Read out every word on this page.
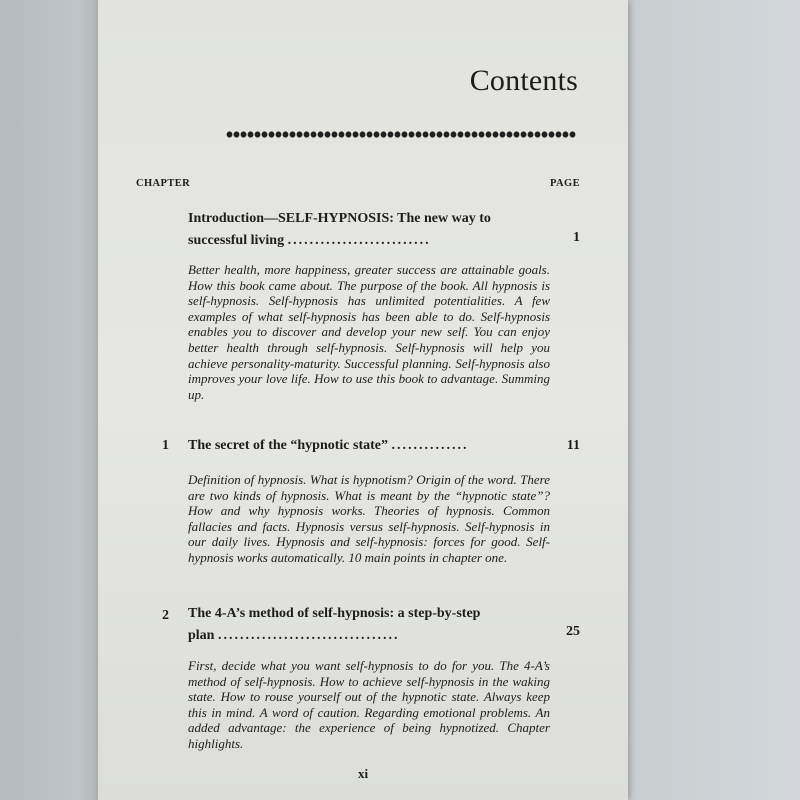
Contents
CHAPTER	PAGE
Introduction—SELF-HYPNOSIS: The new way to
successful living ..........................	1
Better health, more happiness, greater success are attainable goals. How this book came about. The purpose of the book. All hypnosis is self-hypnosis. Self-hypnosis has unlimited potentialities. A few examples of what self-hypnosis has been able to do. Self-hypnosis enables you to discover and develop your new self. You can enjoy better health through self-hypnosis. Self-hypnosis will help you achieve personality-maturity. Successful planning. Self-hypnosis also improves your love life. How to use this book to advantage. Summing up.
1 The secret of the “hypnotic state” ..............	11
Definition of hypnosis. What is hypnotism? Origin of the word. There are two kinds of hypnosis. What is meant by the “hypnotic state”? How and why hypnosis works. Theories of hypnosis. Common fallacies and facts. Hypnosis versus self-hypnosis. Self-hypnosis in our daily lives. Hypnosis and self-hypnosis: forces for good. Self-hypnosis works automatically. 10 main points in chapter one.
2 The 4-A’s method of self-hypnosis: a step-by-step
plan .................................	25
First, decide what you want self-hypnosis to do for you. The 4-A’s method of self-hypnosis. How to achieve self-hypnosis in the waking state. How to rouse yourself out of the hypnotic state. Always keep this in mind. A word of caution. Regarding emotional problems. An added advantage: the experience of being hypnotized. Chapter highlights.
xi
